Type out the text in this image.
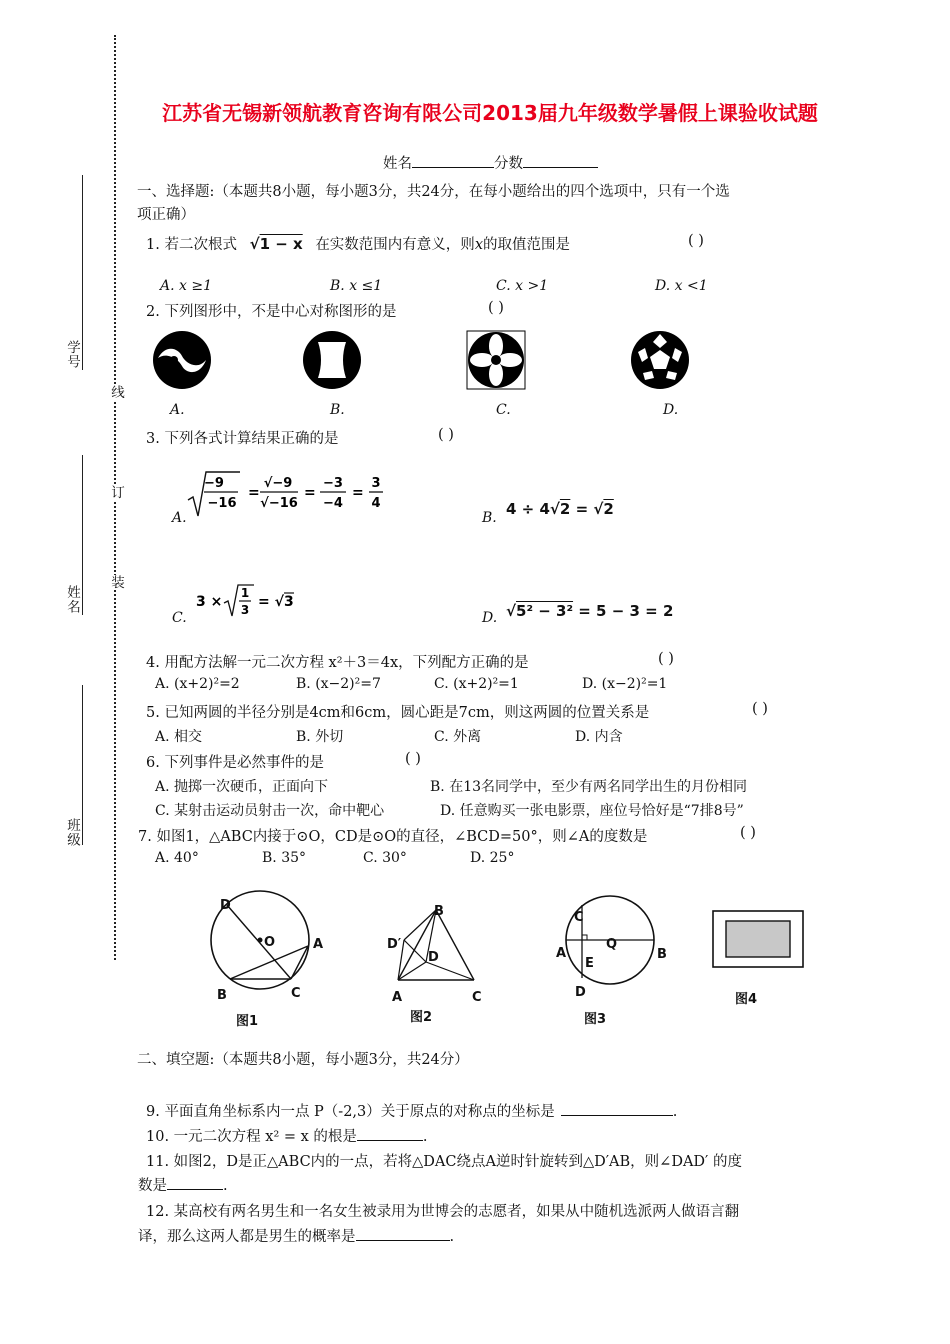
学号
姓名
班级
线
订
装
江苏省无锡新领航教育咨询有限公司2013届九年级数学暑假上课验收试题
姓名	分数
一、选择题:（本题共8小题，每小题3分，共24分，在每小题给出的四个选项中，只有一个选
项正确）
1. 若二次根式 √1 − x 在实数范围内有意义，则x的取值范围是	( )
A. x ≥1	B. x ≤1	C. x >1	D. x <1
2. 下列图形中，不是中心对称图形的是	( )
A.	B.	C.	D.
3. 下列各式计算结果正确的是	( )
A.
−9
−16
=
√−9
√−16
=
−3
−4
=
3
4
B. 4 ÷ 4√2 = √2
C.
3 ×
1
3 = √ 3
D. √5² − 3² = 5 − 3 = 2
4. 用配方法解一元二次方程 x²＋3＝4x，下列配方正确的是	( )
A. (x+2)²=2	B. (x−2)²=7	C. (x+2)²=1	D. (x−2)²=1
5. 已知两圆的半径分别是4cm和6cm，圆心距是7cm，则这两圆的位置关系是	( )
A. 相交	B. 外切	C. 外离	D. 内含
6. 下列事件是必然事件的是	( )
A. 抛掷一次硬币，正面向下	B. 在13名同学中，至少有两名同学出生的月份相同
C. 某射击运动员射击一次，命中靶心	D. 任意购买一张电影票，座位号恰好是“7排8号”
7. 如图1，△ABC内接于⊙O，CD是⊙O的直径，∠BCD=50°，则∠A的度数是	( )
A. 40°	B. 35°	C. 30°	D. 25°
D
O	A
B	C
图1
B
D′
D
A	C
图2
C
Q
A
E
B
D
图3
图4
二、填空题:（本题共8小题，每小题3分，共24分）
9. 平面直角坐标系内一点 P（-2,3）关于原点的对称点的坐标是	.
10. 一元二次方程 x² = x 的根是	.
11. 如图2，D是正△ABC内的一点，若将△DAC绕点A逆时针旋转到△D′AB，则∠DAD′ 的度
数是	.
12. 某高校有两名男生和一名女生被录用为世博会的志愿者，如果从中随机选派两人做语言翻
译，那么这两人都是男生的概率是	.
